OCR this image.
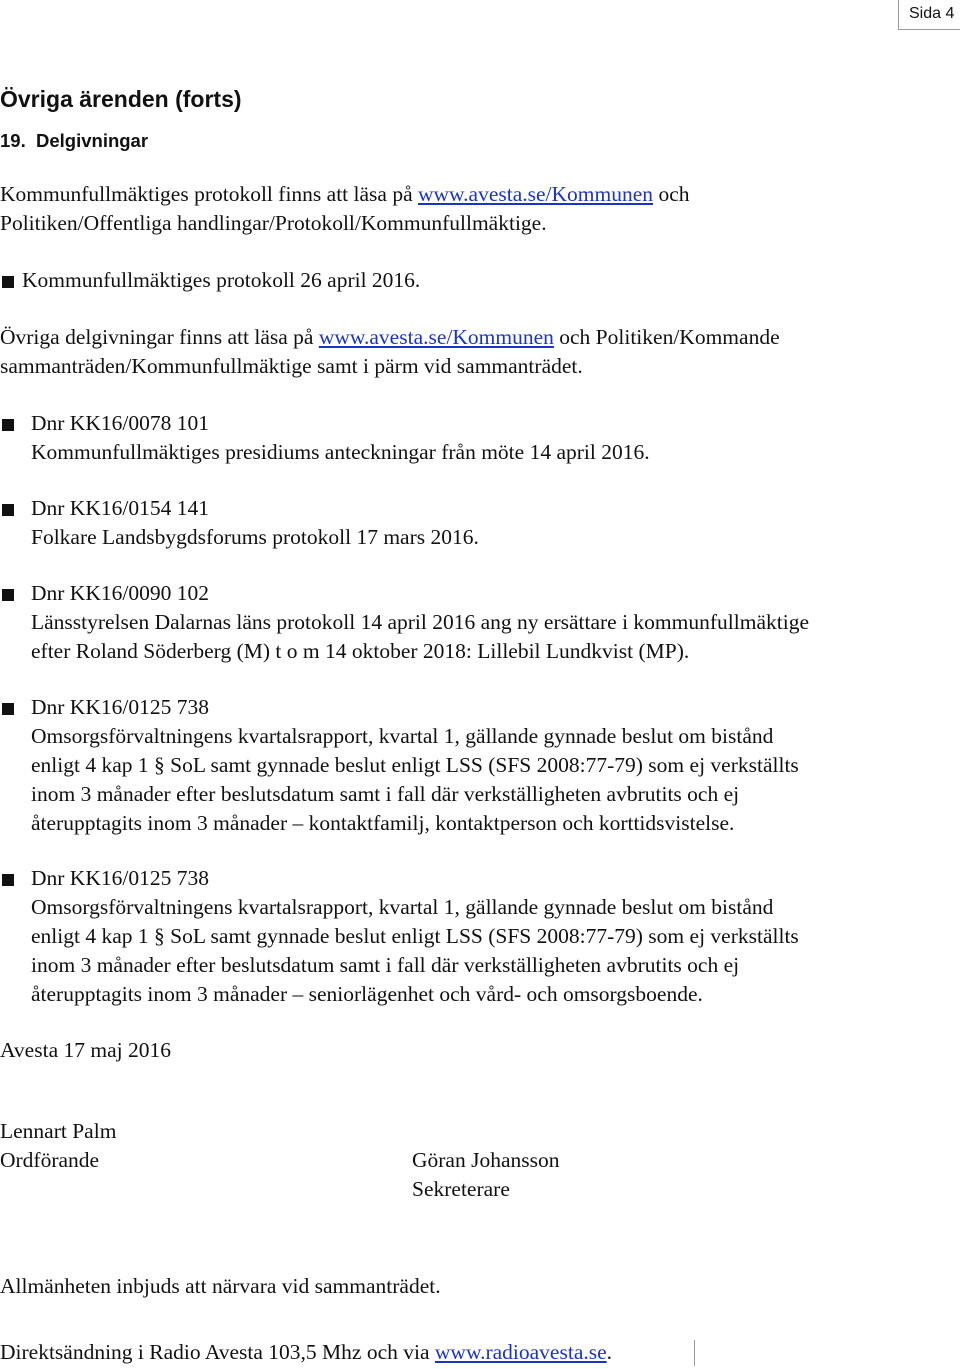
Sida 4
Övriga ärenden (forts)
19. Delgivningar
Kommunfullmäktiges protokoll finns att läsa på www.avesta.se/Kommunen och
Politiken/Offentliga handlingar/Protokoll/Kommunfullmäktige.
Kommunfullmäktiges protokoll 26 april 2016.
Övriga delgivningar finns att läsa på www.avesta.se/Kommunen och Politiken/Kommande
sammanträden/Kommunfullmäktige samt i pärm vid sammanträdet.
Dnr KK16/0078 101
Kommunfullmäktiges presidiums anteckningar från möte 14 april 2016.
Dnr KK16/0154 141
Folkare Landsbygdsforums protokoll 17 mars 2016.
Dnr KK16/0090 102
Länsstyrelsen Dalarnas läns protokoll 14 april 2016 ang ny ersättare i kommunfullmäktige
efter Roland Söderberg (M) t o m 14 oktober 2018: Lillebil Lundkvist (MP).
Dnr KK16/0125 738
Omsorgsförvaltningens kvartalsrapport, kvartal 1, gällande gynnade beslut om bistånd
enligt 4 kap 1 § SoL samt gynnade beslut enligt LSS (SFS 2008:77-79) som ej verkställts
inom 3 månader efter beslutsdatum samt i fall där verkställigheten avbrutits och ej
återupptagits inom 3 månader – kontaktfamilj, kontaktperson och korttidsvistelse.
Dnr KK16/0125 738
Omsorgsförvaltningens kvartalsrapport, kvartal 1, gällande gynnade beslut om bistånd
enligt 4 kap 1 § SoL samt gynnade beslut enligt LSS (SFS 2008:77-79) som ej verkställts
inom 3 månader efter beslutsdatum samt i fall där verkställigheten avbrutits och ej
återupptagits inom 3 månader – seniorlägenhet och vård- och omsorgsboende.
Avesta 17 maj 2016
Lennart Palm
Ordförande	Göran Johansson
Sekreterare
Allmänheten inbjuds att närvara vid sammanträdet.
Direktsändning i Radio Avesta 103,5 Mhz och via www.radioavesta.se.
